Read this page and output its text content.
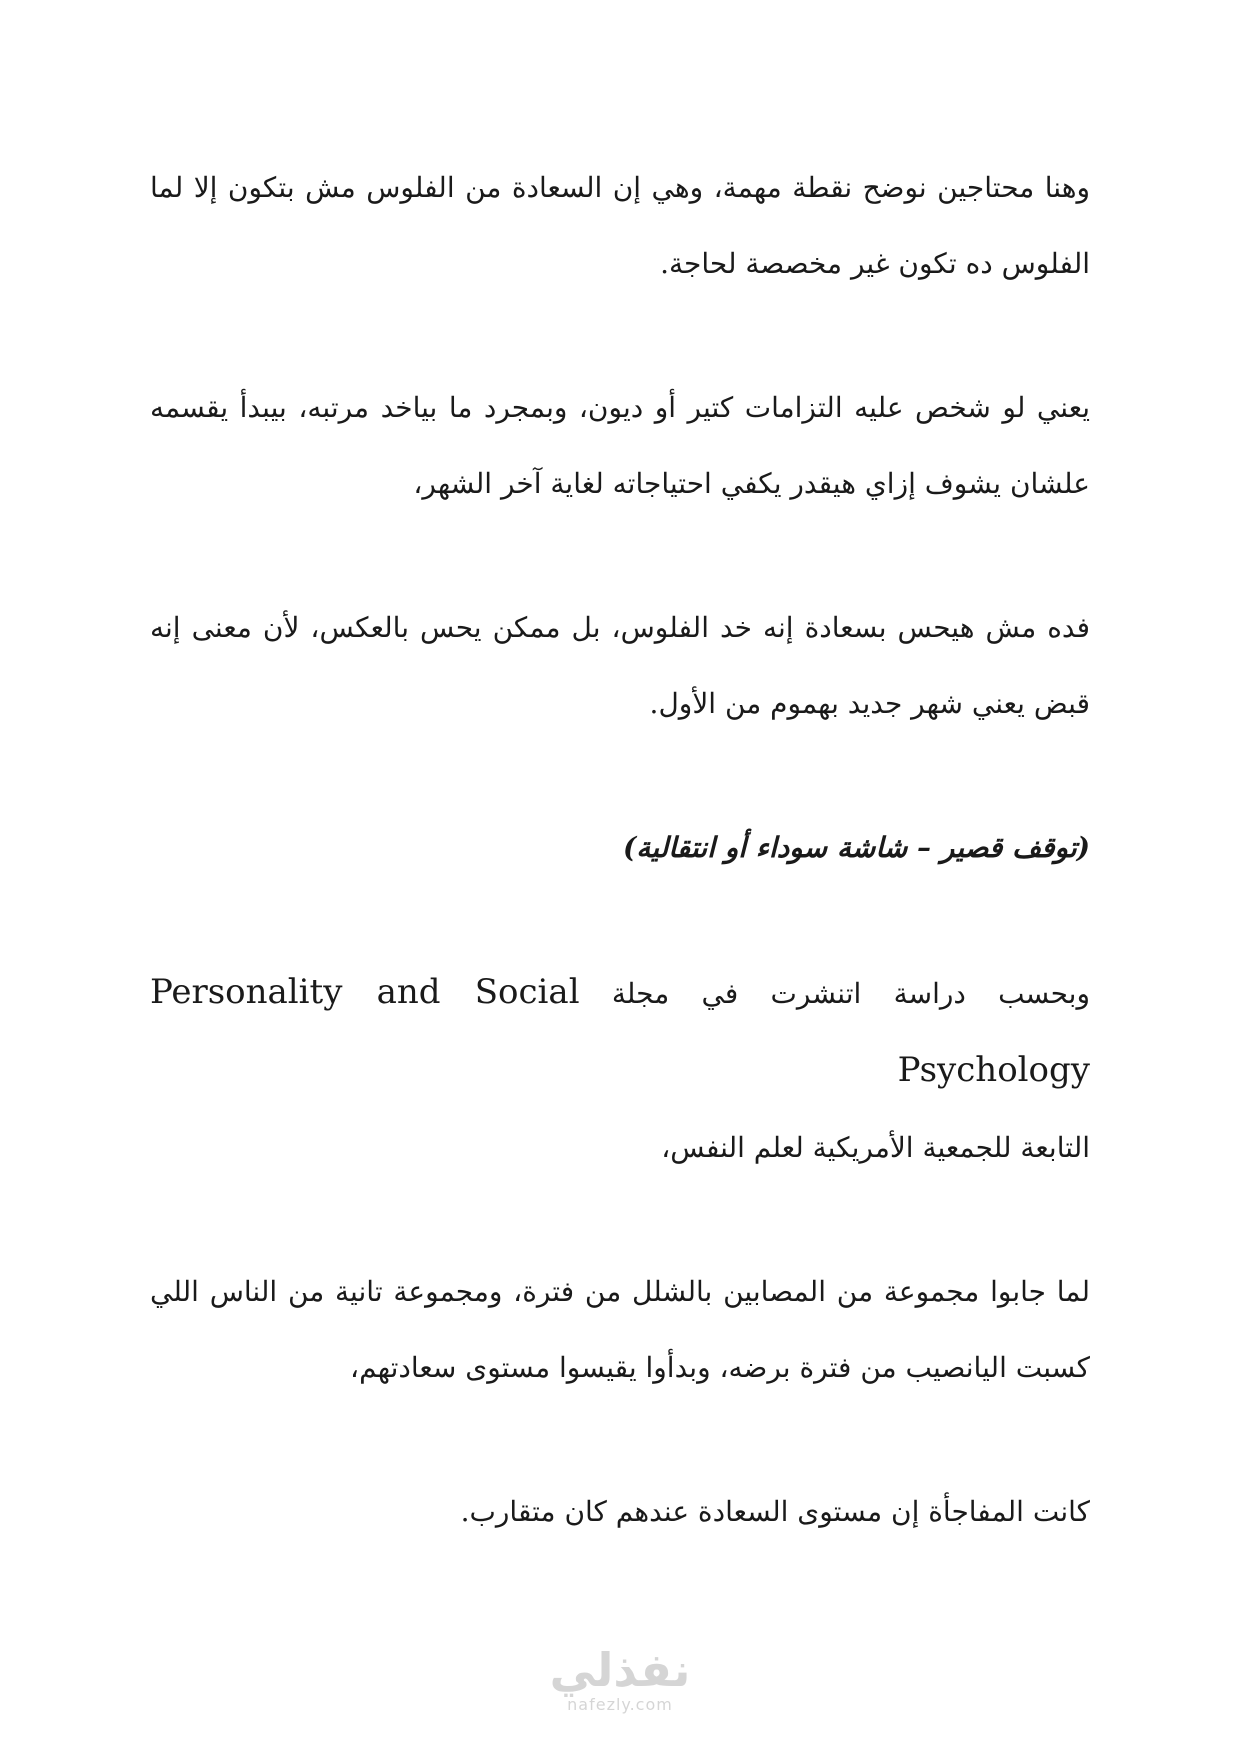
وهنا محتاجين نوضح نقطة مهمة، وهي إن السعادة من الفلوس مش بتكون إلا لما الفلوس ده تكون غير مخصصة لحاجة.

يعني لو شخص عليه التزامات كتير أو ديون، وبمجرد ما بياخد مرتبه، بيبدأ يقسمه علشان يشوف إزاي هيقدر يكفي احتياجاته لغاية آخر الشهر،

فده مش هيحس بسعادة إنه خد الفلوس، بل ممكن يحس بالعكس، لأن معنى إنه قبض يعني شهر جديد بهموم من الأول.

(توقف قصير – شاشة سوداء أو انتقالية)

وبحسب دراسة اتنشرت في مجلة Personality and Social Psychology
التابعة للجمعية الأمريكية لعلم النفس،

لما جابوا مجموعة من المصابين بالشلل من فترة، ومجموعة تانية من الناس اللي كسبت اليانصيب من فترة برضه، وبدأوا يقيسوا مستوى سعادتهم،

كانت المفاجأة إن مستوى السعادة عندهم كان متقارب.

نفذلي
nafezly.com
